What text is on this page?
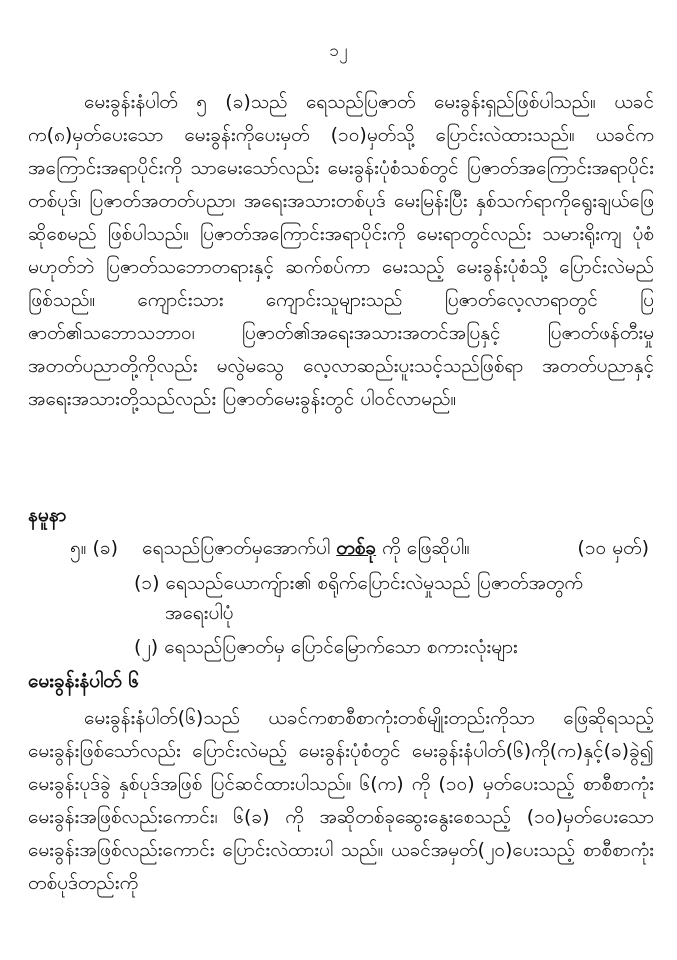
၁၂

မေးခွန်းနံပါတ် ၅ (ခ)သည် ရေသည်ပြဇာတ် မေးခွန်းရှည်ဖြစ်ပါသည်။ ယခင်က(၈)မှတ်ပေးသော မေးခွန်းကိုပေးမှတ် (၁၀)မှတ်သို့ ပြောင်းလဲထားသည်။ ယခင်က အကြောင်းအရာပိုင်းကို သာမေးသော်လည်း မေးခွန်းပုံစံသစ်တွင် ပြဇာတ်အကြောင်းအရာပိုင်းတစ်ပုဒ်၊ ပြဇာတ်အတတ်ပညာ၊ အရေးအသားတစ်ပုဒ် မေးမြန်းပြီး နှစ်သက်ရာကိုရွေးချယ်ဖြေဆိုစေမည် ဖြစ်ပါသည်။ ပြဇာတ်အကြောင်းအရာပိုင်းကို မေးရာတွင်လည်း သမားရိုးကျ ပုံစံမဟုတ်ဘဲ ပြဇာတ်သဘောတရားနှင့် ဆက်စပ်ကာ မေးသည့် မေးခွန်းပုံစံသို့ ပြောင်းလဲမည်ဖြစ်သည်။ ကျောင်းသား ကျောင်းသူများသည် ပြဇာတ်လေ့လာရာတွင် ပြဇာတ်၏သဘောသဘာဝ၊ ပြဇာတ်၏အရေးအသားအတင်အပြနှင့် ပြဇာတ်ဖန်တီးမှု အတတ်ပညာတို့ကိုလည်း မလွဲမသွေ လေ့လာဆည်းပူးသင့်သည်ဖြစ်ရာ အတတ်ပညာနှင့် အရေးအသားတို့သည်လည်း ပြဇာတ်မေးခွန်းတွင် ပါဝင်လာမည်။

နမူနာ
၅။ (ခ) ရေသည်ပြဇာတ်မှအောက်ပါ တစ်ခု ကို ဖြေဆိုပါ။	(၁၀ မှတ်)
(၁) ရေသည်ယောကျ်ား၏ စရိုက်ပြောင်းလဲမှုသည် ပြဇာတ်အတွက်
အရေးပါပုံ
(၂) ရေသည်ပြဇာတ်မှ ပြောင်မြောက်သော စကားလုံးများ
မေးခွန်းနံပါတ် ၆

မေးခွန်းနံပါတ်(၆)သည် ယခင်ကစာစီစာကုံးတစ်မျိုးတည်းကိုသာ ဖြေဆိုရသည့် မေးခွန်းဖြစ်သော်လည်း ပြောင်းလဲမည့် မေးခွန်းပုံစံတွင် မေးခွန်းနံပါတ်(၆)ကို(က)နှင့်(ခ)ခွဲ၍ မေးခွန်းပုဒ်ခွဲ နှစ်ပုဒ်အဖြစ် ပြင်ဆင်ထားပါသည်။ ၆(က) ကို (၁၀) မှတ်ပေးသည့် စာစီစာကုံးမေးခွန်းအဖြစ်လည်းကောင်း၊ ၆(ခ) ကို အဆိုတစ်ခုဆွေးနွေးစေသည့် (၁၀)မှတ်ပေးသော မေးခွန်းအဖြစ်လည်းကောင်း ပြောင်းလဲထားပါ သည်။ ယခင်အမှတ်(၂၀)ပေးသည့် စာစီစာကုံးတစ်ပုဒ်တည်းကို
